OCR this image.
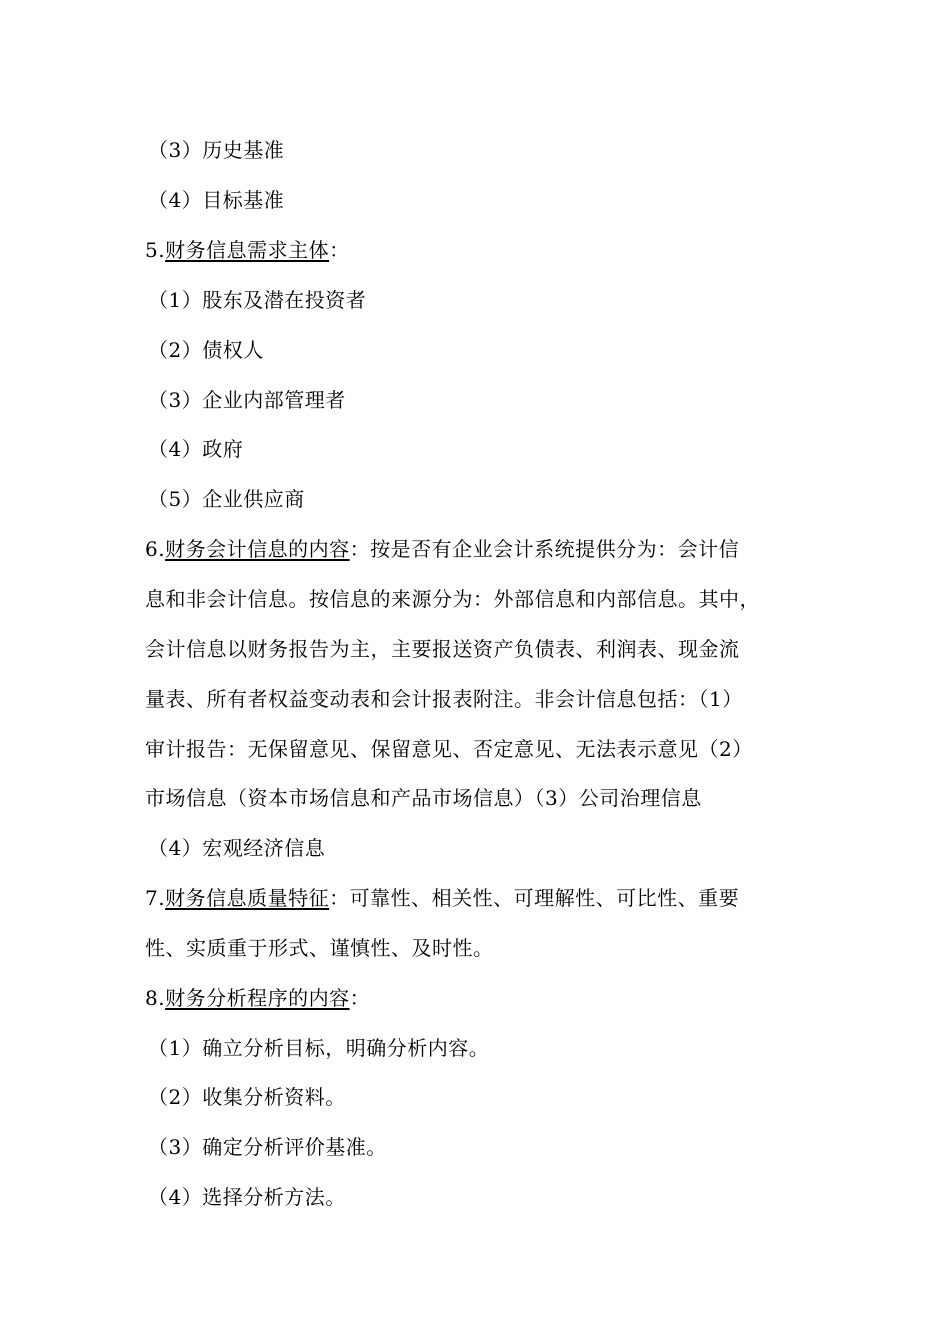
（3）历史基准
（4）目标基准
5.财务信息需求主体：
（1）股东及潜在投资者
（2）债权人
（3）企业内部管理者
（4）政府
（5）企业供应商
6.财务会计信息的内容：按是否有企业会计系统提供分为：会计信
息和非会计信息。按信息的来源分为：外部信息和内部信息。其中，
会计信息以财务报告为主，主要报送资产负债表、利润表、现金流
量表、所有者权益变动表和会计报表附注。非会计信息包括：（1）
审计报告：无保留意见、保留意见、否定意见、无法表示意见（2）
市场信息（资本市场信息和产品市场信息）（3）公司治理信息
（4）宏观经济信息
7.财务信息质量特征：可靠性、相关性、可理解性、可比性、重要
性、实质重于形式、谨慎性、及时性。
8.财务分析程序的内容：
（1）确立分析目标，明确分析内容。
（2）收集分析资料。
（3）确定分析评价基准。
（4）选择分析方法。
